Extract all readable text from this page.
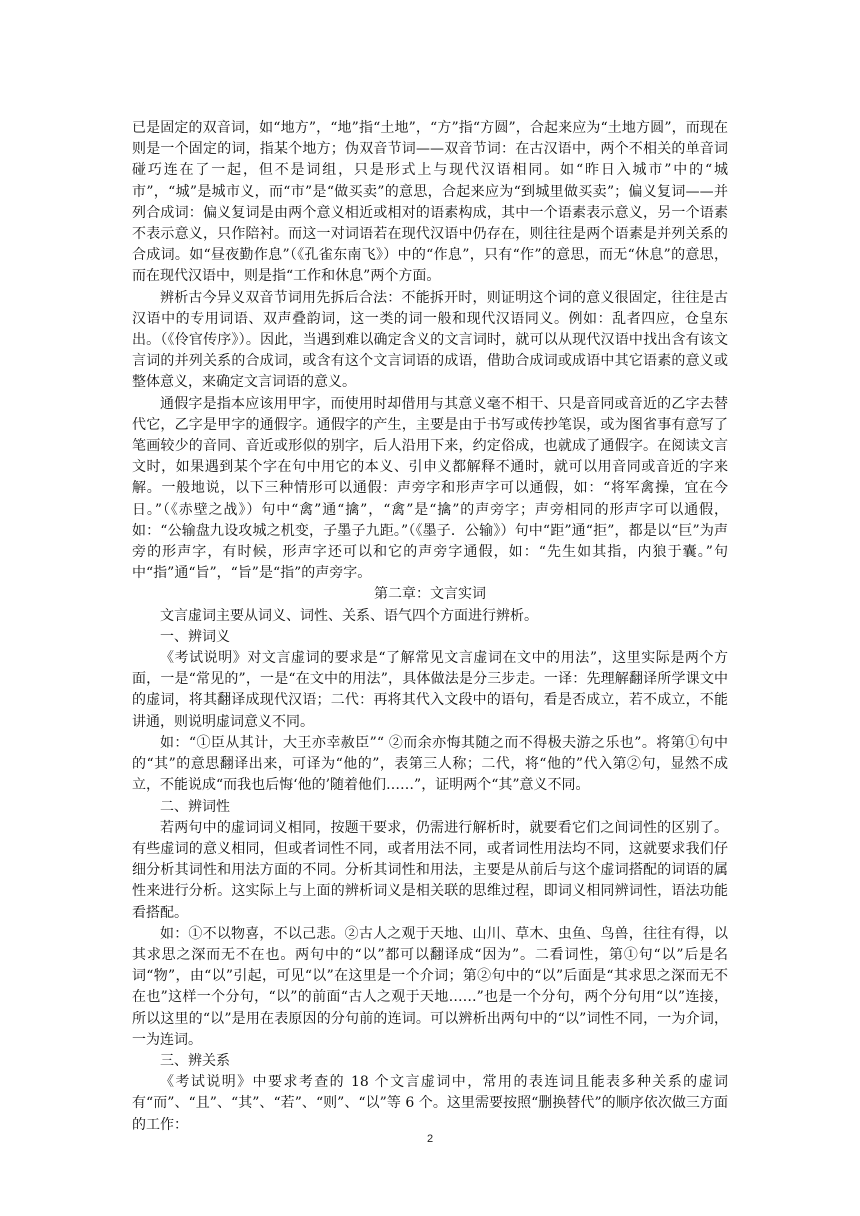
已是固定的双音词，如“地方”，“地”指“土地”，“方”指“方圆”，合起来应为“土地方圆”，而现在则是一个固定的词，指某个地方；伪双音节词——双音节词：在古汉语中，两个不相关的单音词碰巧连在了一起，但不是词组，只是形式上与现代汉语相同。如“昨日入城市”中的“城市”，“城”是城市义，而“市”是“做买卖”的意思，合起来应为“到城里做买卖”；偏义复词——并列合成词：偏义复词是由两个意义相近或相对的语素构成，其中一个语素表示意义，另一个语素不表示意义，只作陪衬。而这一对词语若在现代汉语中仍存在，则往往是两个语素是并列关系的合成词。如“昼夜勤作息”（《孔雀东南飞》）中的“作息”，只有“作”的意思，而无“休息”的意思，而在现代汉语中，则是指“工作和休息”两个方面。

辨析古今异义双音节词用先拆后合法：不能拆开时，则证明这个词的意义很固定，往往是古汉语中的专用词语、双声叠韵词，这一类的词一般和现代汉语同义。例如：乱者四应，仓皇东出。（《伶官传序》）。因此，当遇到难以确定含义的文言词时，就可以从现代汉语中找出含有该文言词的并列关系的合成词，或含有这个文言词语的成语，借助合成词或成语中其它语素的意义或整体意义，来确定文言词语的意义。

通假字是指本应该用甲字，而使用时却借用与其意义毫不相干、只是音同或音近的乙字去替代它，乙字是甲字的通假字。通假字的产生，主要是由于书写或传抄笔误，或为图省事有意写了笔画较少的音同、音近或形似的别字，后人沿用下来，约定俗成，也就成了通假字。在阅读文言文时，如果遇到某个字在句中用它的本义、引申义都解释不通时，就可以用音同或音近的字来解。一般地说，以下三种情形可以通假：声旁字和形声字可以通假，如：“将军禽操，宜在今日。”（《赤壁之战》）句中“禽”通“擒”，“禽”是“擒”的声旁字；声旁相同的形声字可以通假，如：“公输盘九设攻城之机变，子墨子九距。”（《墨子．公输》）句中“距”通“拒”，都是以“巨”为声旁的形声字，有时候，形声字还可以和它的声旁字通假，如：“先生如其指，内狼于囊。”句中“指”通“旨”，“旨”是“指”的声旁字。

第二章：文言实词

文言虚词主要从词义、词性、关系、语气四个方面进行辨析。

一、辨词义

《考试说明》对文言虚词的要求是“了解常见文言虚词在文中的用法”，这里实际是两个方面，一是“常见的”，一是“在文中的用法”，具体做法是分三步走。一译：先理解翻译所学课文中的虚词，将其翻译成现代汉语；二代：再将其代入文段中的语句，看是否成立，若不成立，不能讲通，则说明虚词意义不同。

如：“①臣从其计，大王亦幸赦臣”“ ②而余亦悔其随之而不得极夫游之乐也”。将第①句中的“其”的意思翻译出来，可译为“他的”，表第三人称；二代，将“他的”代入第②句，显然不成立，不能说成“而我也后悔‘他的’随着他们……”，证明两个“其”意义不同。

二、辨词性

若两句中的虚词词义相同，按题干要求，仍需进行解析时，就要看它们之间词性的区别了。有些虚词的意义相同，但或者词性不同，或者用法不同，或者词性用法均不同，这就要求我们仔细分析其词性和用法方面的不同。分析其词性和用法，主要是从前后与这个虚词搭配的词语的属性来进行分析。这实际上与上面的辨析词义是相关联的思维过程，即词义相同辨词性，语法功能看搭配。

如：①不以物喜，不以己悲。②古人之观于天地、山川、草木、虫鱼、鸟兽，往往有得，以其求思之深而无不在也。两句中的“以”都可以翻译成“因为”。二看词性，第①句“以”后是名词“物”，由“以”引起，可见“以”在这里是一个介词；第②句中的“以”后面是“其求思之深而无不在也”这样一个分句，“以”的前面“古人之观于天地……”也是一个分句，两个分句用“以”连接，所以这里的“以”是用在表原因的分句前的连词。可以辨析出两句中的“以”词性不同，一为介词，一为连词。

三、辨关系

《考试说明》中要求考查的 18 个文言虚词中，常用的表连词且能表多种关系的虚词有“而”、“且”、“其”、“若”、“则”、“以”等 6 个。这里需要按照“删换替代”的顺序依次做三方面的工作：

2
